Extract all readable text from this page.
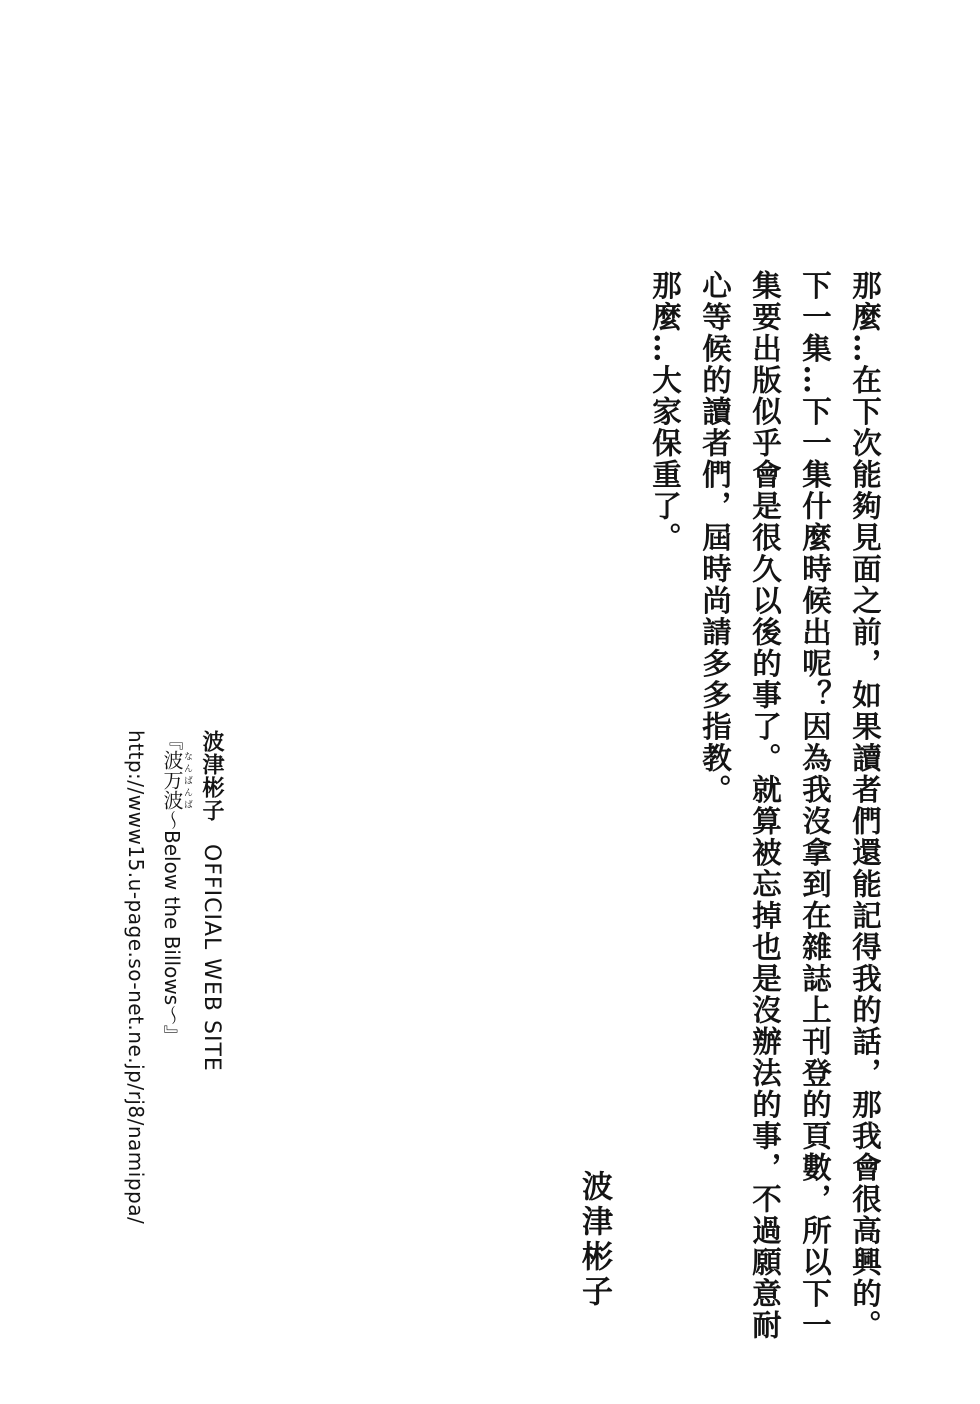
那麼…在下次能夠見面之前，如果讀者們還能記得我的話，那我會很高興的。

下一集…下一集什麼時候出呢？因為我沒拿到在雜誌上刊登的頁數，所以下一

集要出版似乎會是很久以後的事了。就算被忘掉也是沒辦法的事，不過願意耐

心等候的讀者們，屆時尚請多多指教。

那麼…大家保重了。

波津彬子
波津彬子OFFICIAL WEB SITE
『波万波なんばんば～Below the Billows～』
http://www15.u-page.so-net.ne.jp/rj8/namippa/
